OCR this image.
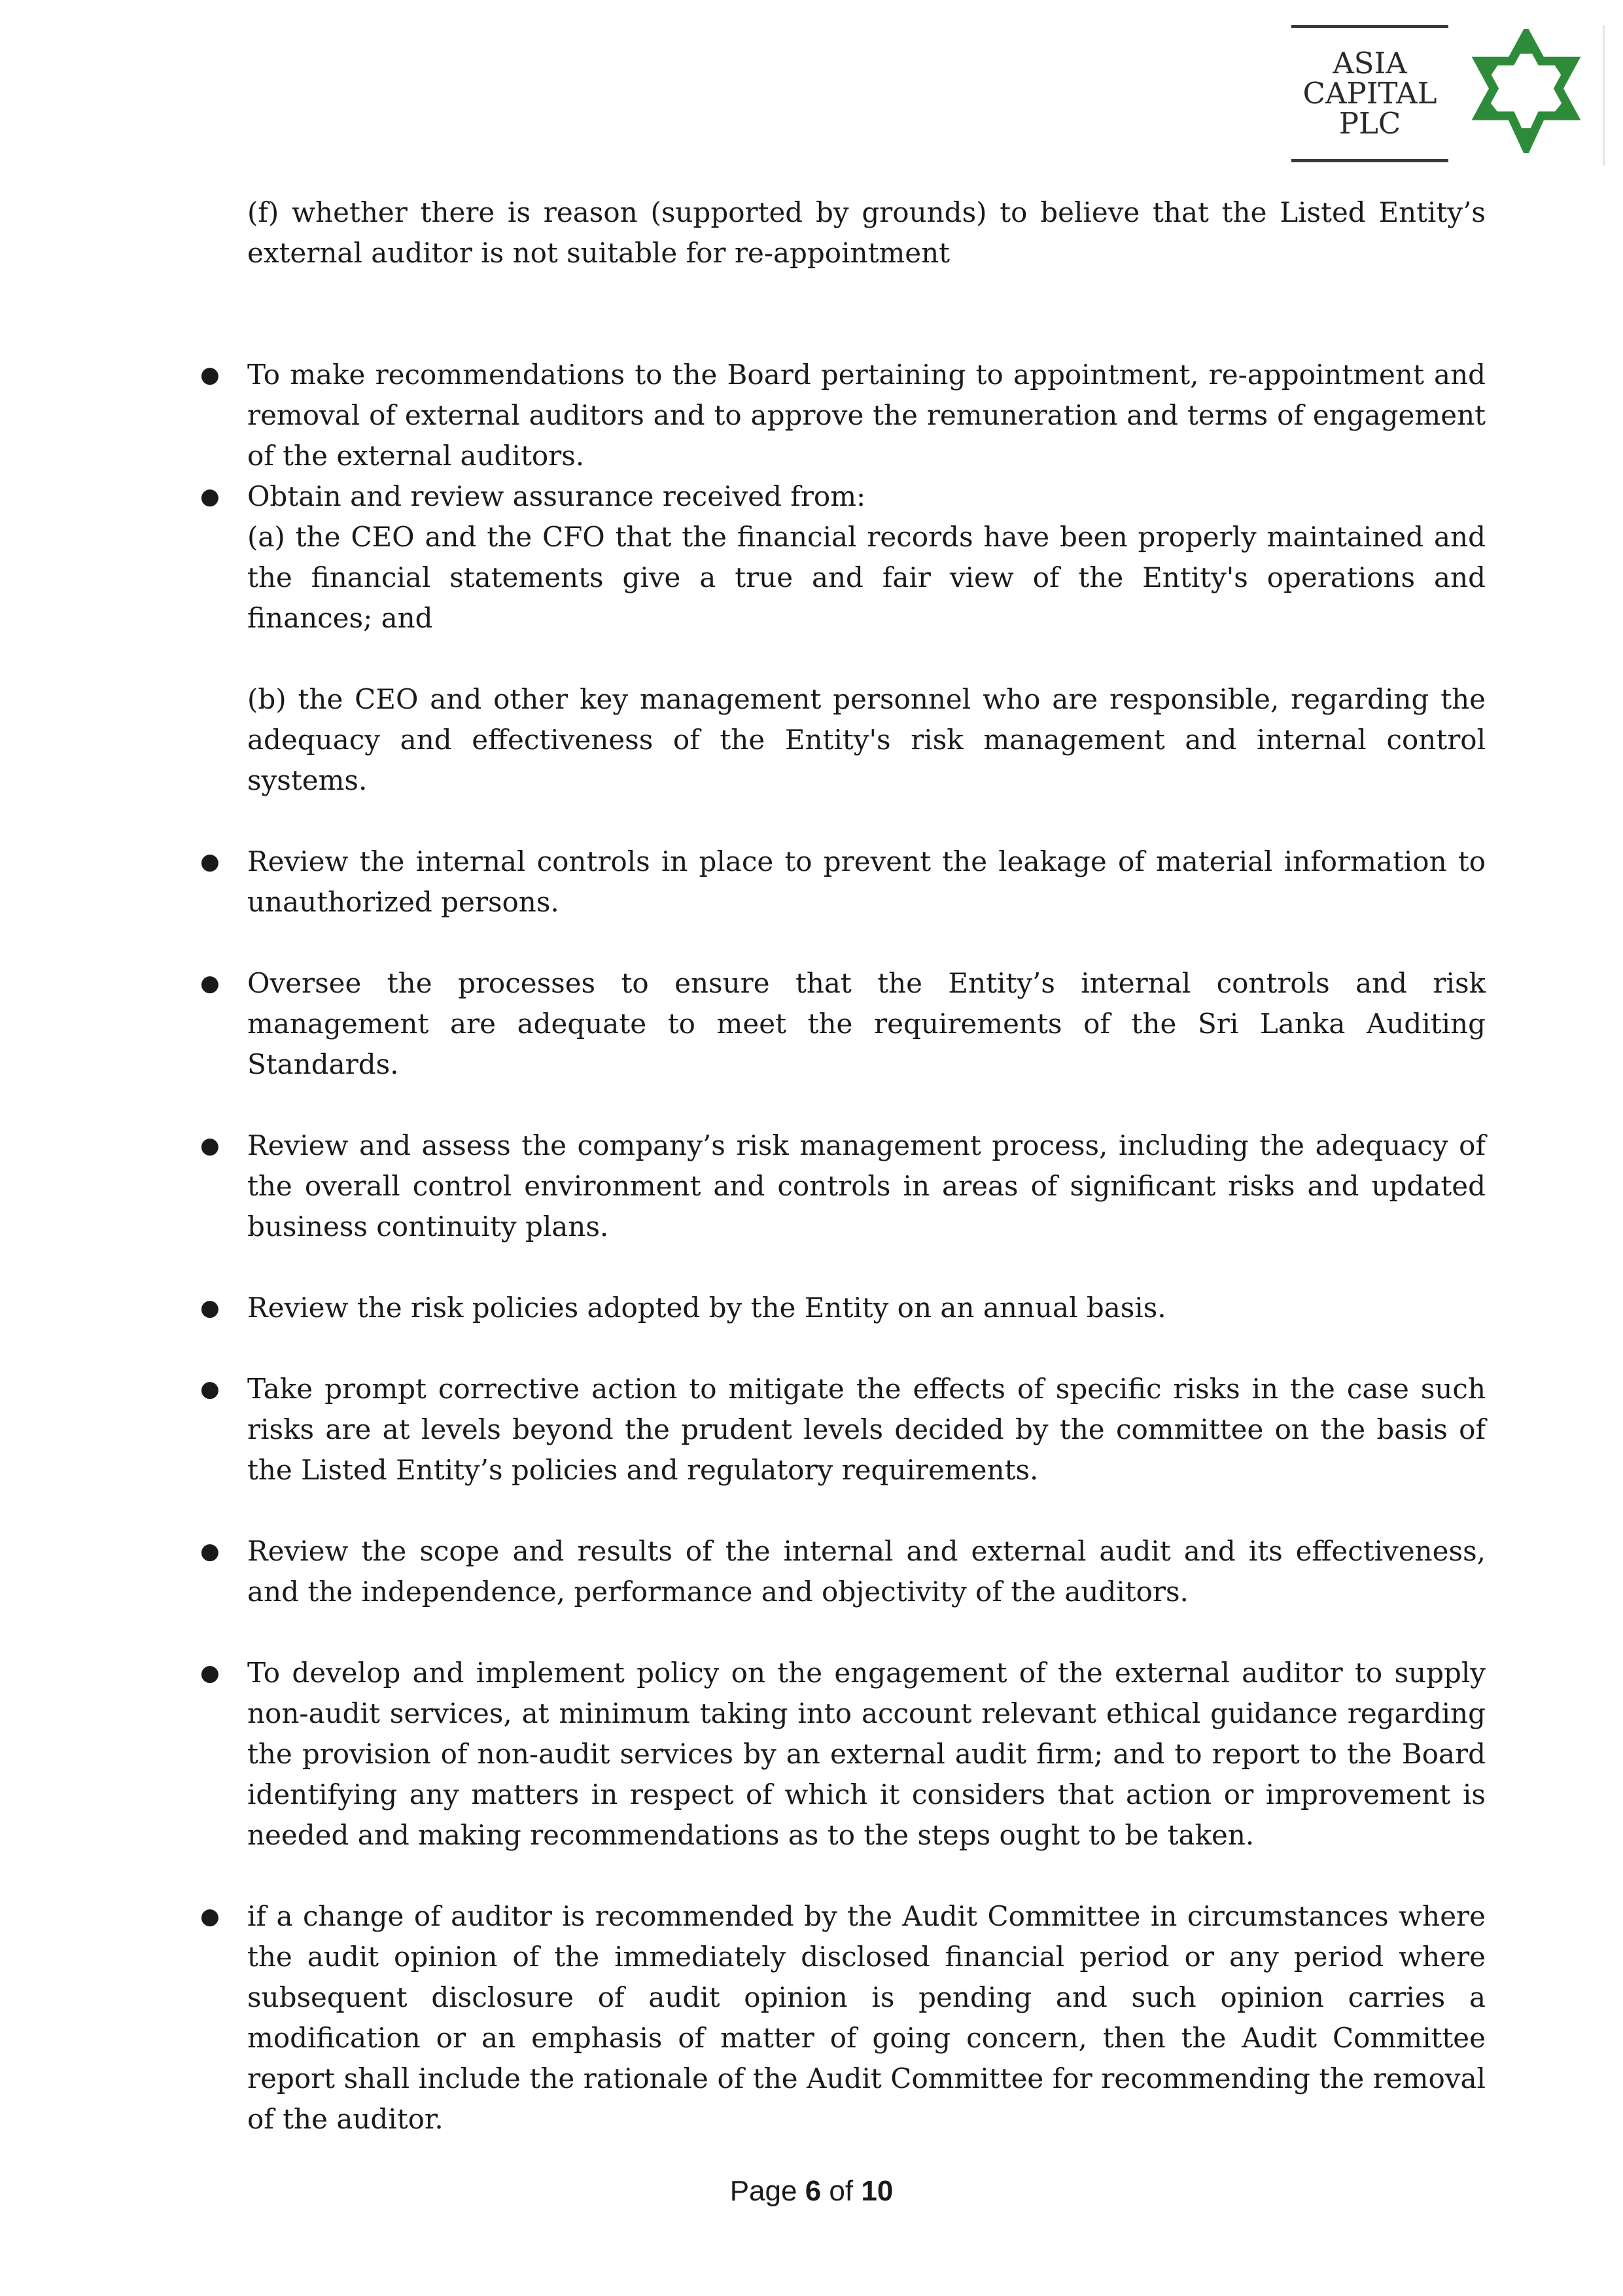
ASIA
CAPITAL
PLC

(f) whether there is reason (supported by grounds) to believe that the Listed Entity’s external auditor is not suitable for re-appointment

● To make recommendations to the Board pertaining to appointment, re-appointment and removal of external auditors and to approve the remuneration and terms of engagement of the external auditors.
● Obtain and review assurance received from:
(a) the CEO and the CFO that the financial records have been properly maintained and the financial statements give a true and fair view of the Entity's operations and finances; and
(b) the CEO and other key management personnel who are responsible, regarding the adequacy and effectiveness of the Entity's risk management and internal control systems.
● Review the internal controls in place to prevent the leakage of material information to unauthorized persons.
● Oversee the processes to ensure that the Entity’s internal controls and risk management are adequate to meet the requirements of the Sri Lanka Auditing Standards.
● Review and assess the company’s risk management process, including the adequacy of the overall control environment and controls in areas of significant risks and updated business continuity plans.
● Review the risk policies adopted by the Entity on an annual basis.
● Take prompt corrective action to mitigate the effects of specific risks in the case such risks are at levels beyond the prudent levels decided by the committee on the basis of the Listed Entity’s policies and regulatory requirements.
● Review the scope and results of the internal and external audit and its effectiveness, and the independence, performance and objectivity of the auditors.
● To develop and implement policy on the engagement of the external auditor to supply non-audit services, at minimum taking into account relevant ethical guidance regarding the provision of non-audit services by an external audit firm; and to report to the Board identifying any matters in respect of which it considers that action or improvement is needed and making recommendations as to the steps ought to be taken.
● if a change of auditor is recommended by the Audit Committee in circumstances where the audit opinion of the immediately disclosed financial period or any period where subsequent disclosure of audit opinion is pending and such opinion carries a modification or an emphasis of matter of going concern, then the Audit Committee report shall include the rationale of the Audit Committee for recommending the removal of the auditor.
Page 6 of 10
